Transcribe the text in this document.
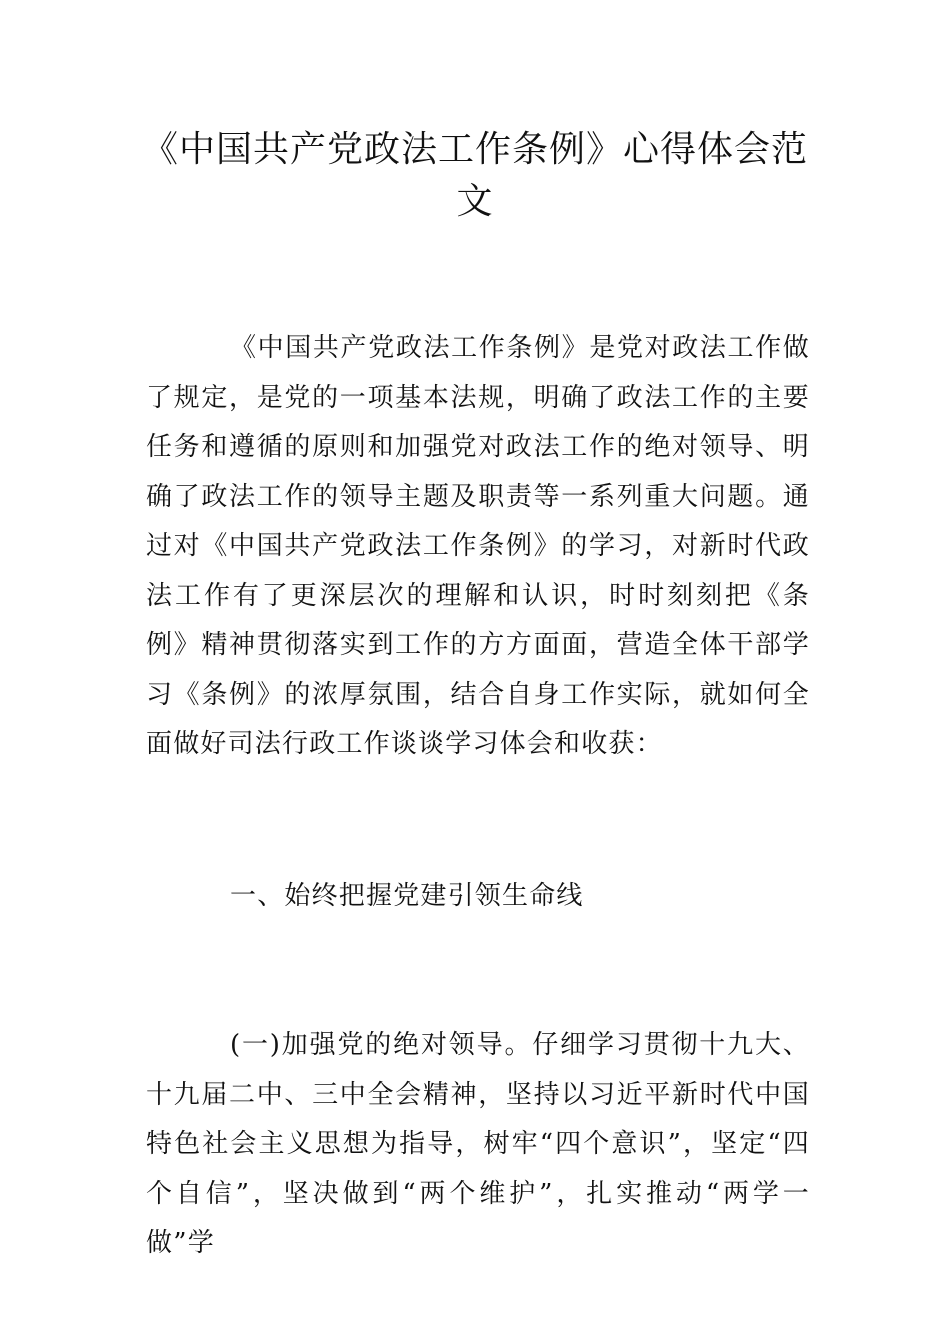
《中国共产党政法工作条例》心得体会范
文

《中国共产党政法工作条例》是党对政法工作做了规定，是党的一项基本法规，明确了政法工作的主要任务和遵循的原则和加强党对政法工作的绝对领导、明确了政法工作的领导主题及职责等一系列重大问题。通过对《中国共产党政法工作条例》的学习，对新时代政法工作有了更深层次的理解和认识，时时刻刻把《条例》精神贯彻落实到工作的方方面面，营造全体干部学习《条例》的浓厚氛围，结合自身工作实际，就如何全面做好司法行政工作谈谈学习体会和收获：

一、始终把握党建引领生命线

(一)加强党的绝对领导。仔细学习贯彻十九大、十九届二中、三中全会精神，坚持以习近平新时代中国特色社会主义思想为指导，树牢“四个意识”，坚定“四个自信”，坚决做到“两个维护”，扎实推动“两学一做”学
